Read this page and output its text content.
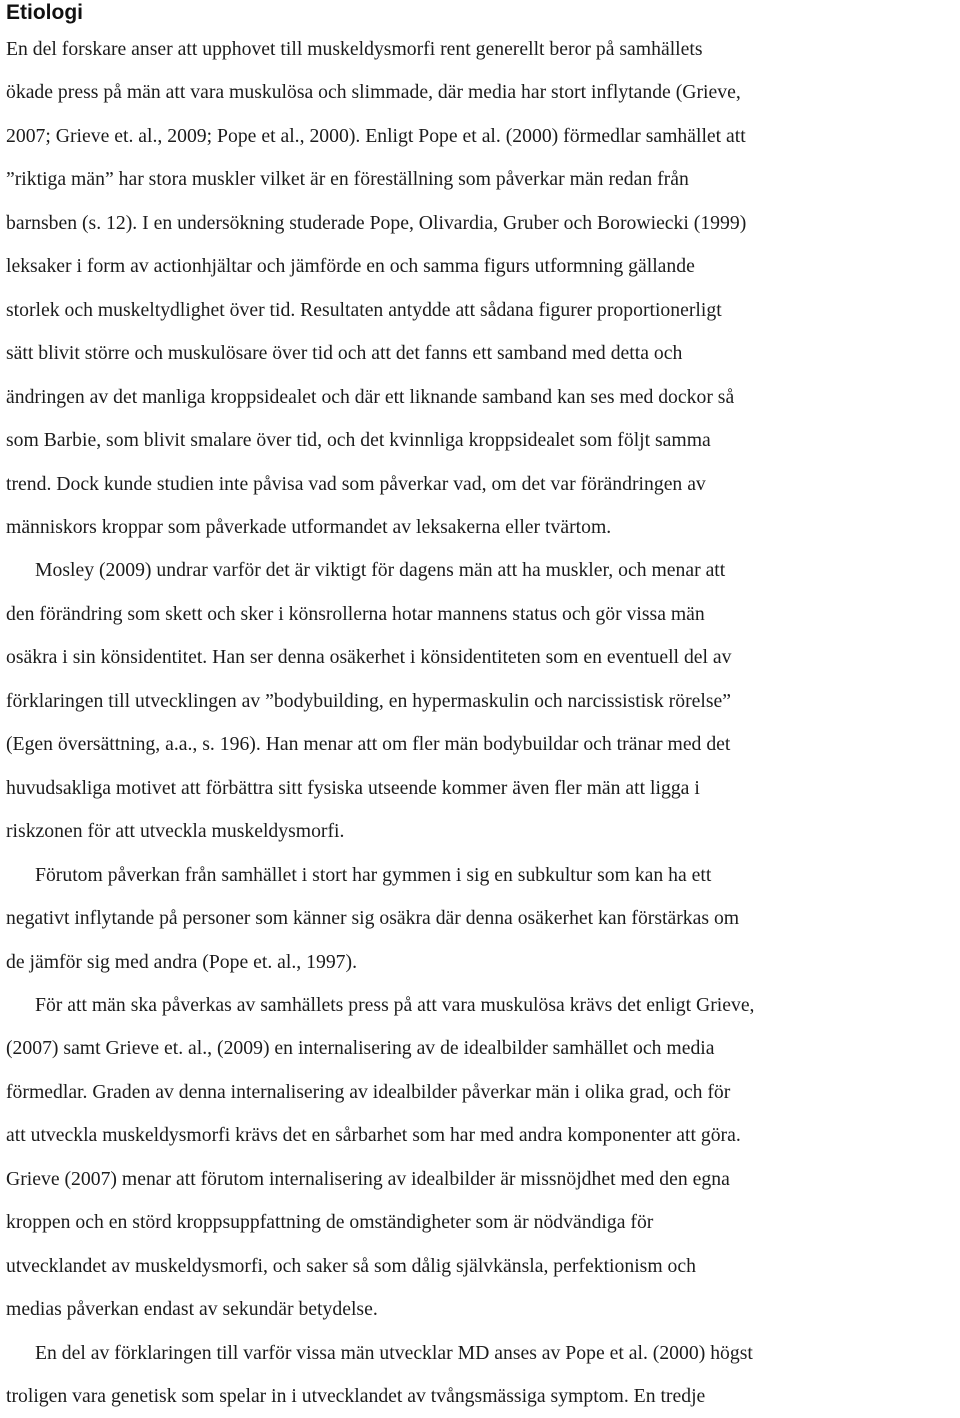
Etiologi

En del forskare anser att upphovet till muskeldysmorfi rent generellt beror på samhällets
ökade press på män att vara muskulösa och slimmade, där media har stort inflytande (Grieve,
2007; Grieve et. al., 2009; Pope et al., 2000). Enligt Pope et al. (2000) förmedlar samhället att
”riktiga män” har stora muskler vilket är en föreställning som påverkar män redan från
barnsben (s. 12). I en undersökning studerade Pope, Olivardia, Gruber och Borowiecki (1999)
leksaker i form av actionhjältar och jämförde en och samma figurs utformning gällande
storlek och muskeltydlighet över tid. Resultaten antydde att sådana figurer proportionerligt
sätt blivit större och muskulösare över tid och att det fanns ett samband med detta och
ändringen av det manliga kroppsidealet och där ett liknande samband kan ses med dockor så
som Barbie, som blivit smalare över tid, och det kvinnliga kroppsidealet som följt samma
trend. Dock kunde studien inte påvisa vad som påverkar vad, om det var förändringen av
människors kroppar som påverkade utformandet av leksakerna eller tvärtom.

Mosley (2009) undrar varför det är viktigt för dagens män att ha muskler, och menar att
den förändring som skett och sker i könsrollerna hotar mannens status och gör vissa män
osäkra i sin könsidentitet. Han ser denna osäkerhet i könsidentiteten som en eventuell del av
förklaringen till utvecklingen av ”bodybuilding, en hypermaskulin och narcissistisk rörelse”
(Egen översättning, a.a., s. 196). Han menar att om fler män bodybuildar och tränar med det
huvudsakliga motivet att förbättra sitt fysiska utseende kommer även fler män att ligga i
riskzonen för att utveckla muskeldysmorfi.

Förutom påverkan från samhället i stort har gymmen i sig en subkultur som kan ha ett
negativt inflytande på personer som känner sig osäkra där denna osäkerhet kan förstärkas om
de jämför sig med andra (Pope et. al., 1997).

För att män ska påverkas av samhällets press på att vara muskulösa krävs det enligt Grieve,
(2007) samt Grieve et. al., (2009) en internalisering av de idealbilder samhället och media
förmedlar. Graden av denna internalisering av idealbilder påverkar män i olika grad, och för
att utveckla muskeldysmorfi krävs det en sårbarhet som har med andra komponenter att göra.
Grieve (2007) menar att förutom internalisering av idealbilder är missnöjdhet med den egna
kroppen och en störd kroppsuppfattning de omständigheter som är nödvändiga för
utvecklandet av muskeldysmorfi, och saker så som dålig självkänsla, perfektionism och
medias påverkan endast av sekundär betydelse.

En del av förklaringen till varför vissa män utvecklar MD anses av Pope et al. (2000) högst
troligen vara genetisk som spelar in i utvecklandet av tvångsmässiga symptom. En tredje
